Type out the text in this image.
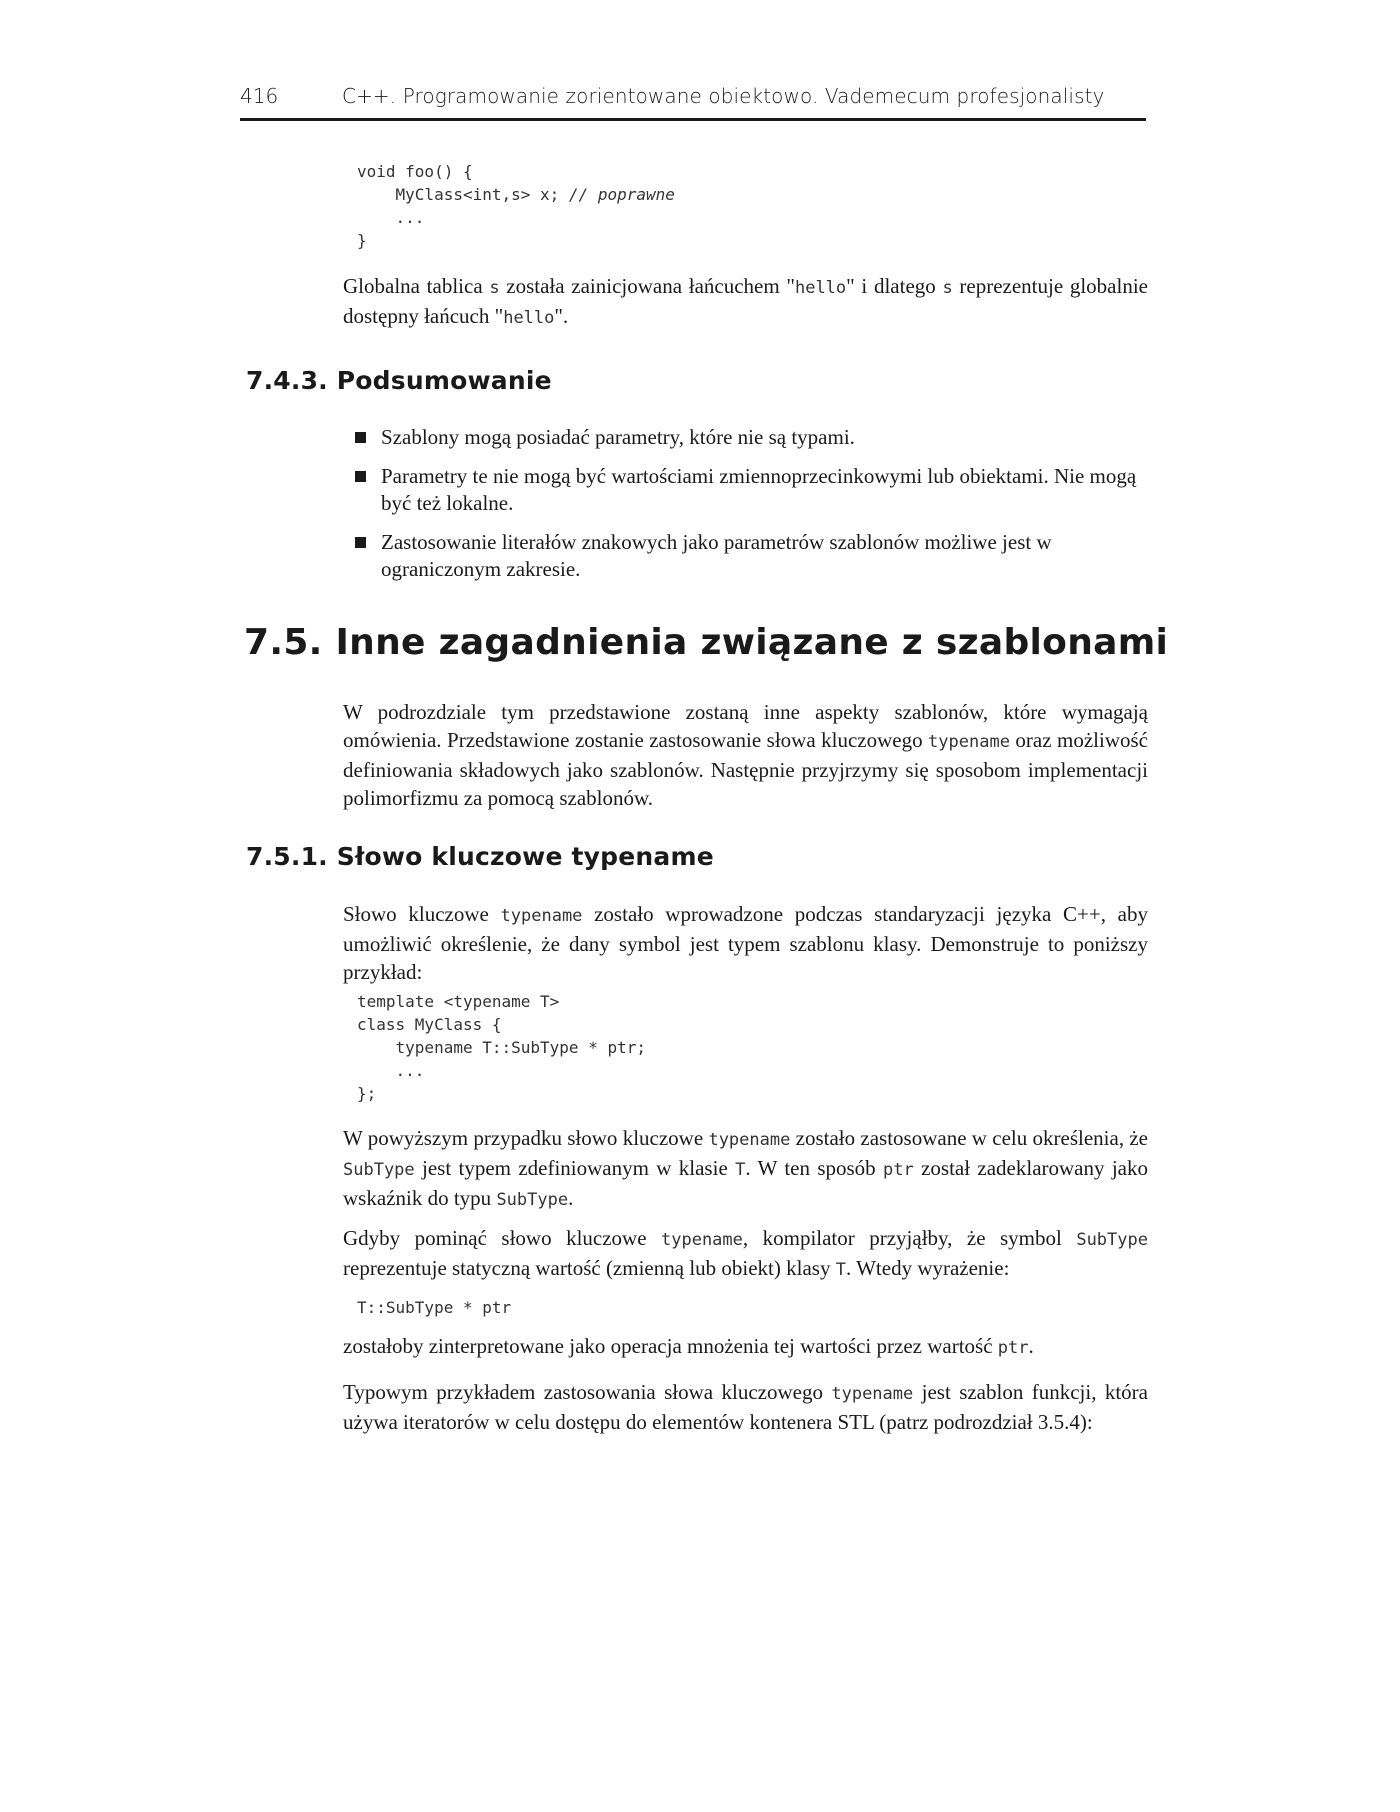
416	C++. Programowanie zorientowane obiektowo. Vademecum profesjonalisty
void foo() {
MyClass<int,s> x; // poprawne
...
}

Globalna tablica s została zainicjowana łańcuchem "hello" i dlatego s reprezentuje globalnie dostępny łańcuch "hello".

7.4.3. Podsumowanie
Szablony mogą posiadać parametry, które nie są typami.
Parametry te nie mogą być wartościami zmiennoprzecinkowymi lub obiektami. Nie mogą być też lokalne.
Zastosowanie literałów znakowych jako parametrów szablonów możliwe jest w ograniczonym zakresie.
7.5. Inne zagadnienia związane z szablonami

W podrozdziale tym przedstawione zostaną inne aspekty szablonów, które wymagają omówienia. Przedstawione zostanie zastosowanie słowa kluczowego typename oraz możliwość definiowania składowych jako szablonów. Następnie przyjrzymy się sposobom implementacji polimorfizmu za pomocą szablonów.

7.5.1. Słowo kluczowe typename

Słowo kluczowe typename zostało wprowadzone podczas standaryzacji języka C++, aby umożliwić określenie, że dany symbol jest typem szablonu klasy. Demonstruje to poniższy przykład:

template <typename T>
class MyClass {
typename T::SubType * ptr;
...
};

W powyższym przypadku słowo kluczowe typename zostało zastosowane w celu określenia, że SubType jest typem zdefiniowanym w klasie T. W ten sposób ptr został zadeklarowany jako wskaźnik do typu SubType.

Gdyby pominąć słowo kluczowe typename, kompilator przyjąłby, że symbol SubType reprezentuje statyczną wartość (zmienną lub obiekt) klasy T. Wtedy wyrażenie:

T::SubType * ptr

zostałoby zinterpretowane jako operacja mnożenia tej wartości przez wartość ptr.

Typowym przykładem zastosowania słowa kluczowego typename jest szablon funkcji, która używa iteratorów w celu dostępu do elementów kontenera STL (patrz podrozdział 3.5.4):
